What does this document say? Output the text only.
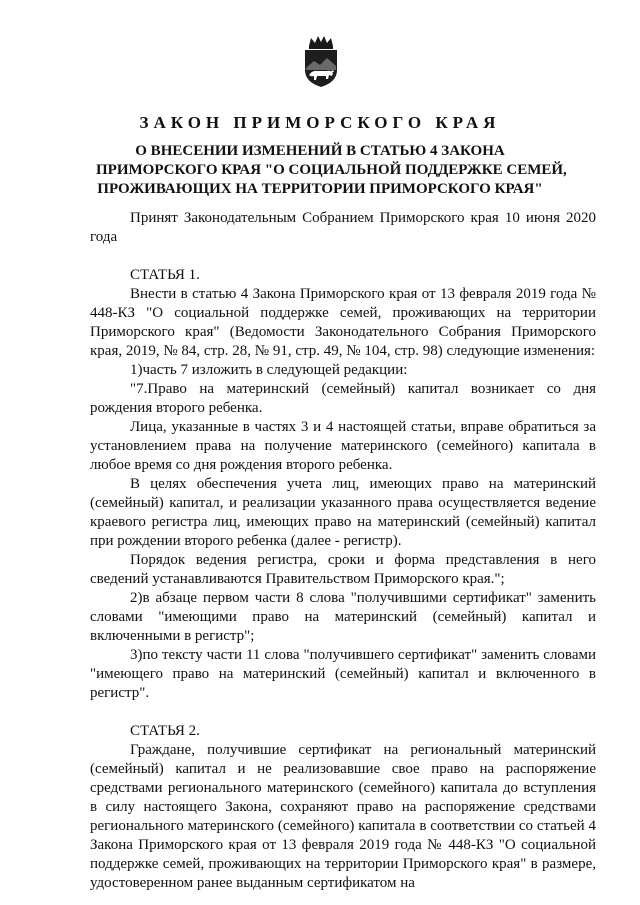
ЗАКОН ПРИМОРСКОГО КРАЯ
О ВНЕСЕНИИ ИЗМЕНЕНИЙ В СТАТЬЮ 4 ЗАКОНА
ПРИМОРСКОГО КРАЯ "О СОЦИАЛЬНОЙ ПОДДЕРЖКЕ СЕМЕЙ,
ПРОЖИВАЮЩИХ НА ТЕРРИТОРИИ ПРИМОРСКОГО КРАЯ"

Принят Законодательным Собранием Приморского края 10 июня 2020 года

СТАТЬЯ 1.

Внести в статью 4 Закона Приморского края от 13 февраля 2019 года № 448-КЗ "О социальной поддержке семей, проживающих на территории Приморского края" (Ведомости Законодательного Собрания Приморского края, 2019, № 84, стр. 28, № 91, стр. 49, № 104, стр. 98) следующие изменения:

1)часть 7 изложить в следующей редакции:

"7.Право на материнский (семейный) капитал возникает со дня рождения второго ребенка.

Лица, указанные в частях 3 и 4 настоящей статьи, вправе обратиться за установлением права на получение материнского (семейного) капитала в любое время со дня рождения второго ребенка.

В целях обеспечения учета лиц, имеющих право на материнский (семейный) капитал, и реализации указанного права осуществляется ведение краевого регистра лиц, имеющих право на материнский (семейный) капитал при рождении второго ребенка (далее - регистр).

Порядок ведения регистра, сроки и форма представления в него сведений устанавливаются Правительством Приморского края.";

2)в абзаце первом части 8 слова "получившими сертификат" заменить словами "имеющими право на материнский (семейный) капитал и включенными в регистр";

3)по тексту части 11 слова "получившего сертификат" заменить словами "имеющего право на материнский (семейный) капитал и включенного в регистр".

СТАТЬЯ 2.

Граждане, получившие сертификат на региональный материнский (семейный) капитал и не реализовавшие свое право на распоряжение средствами регионального материнского (семейного) капитала до вступления в силу настоящего Закона, сохраняют право на распоряжение средствами регионального материнского (семейного) капитала в соответствии со статьей 4 Закона Приморского края от 13 февраля 2019 года № 448-КЗ "О социальной поддержке семей, проживающих на территории Приморского края" в размере, удостоверенном ранее выданным сертификатом на
